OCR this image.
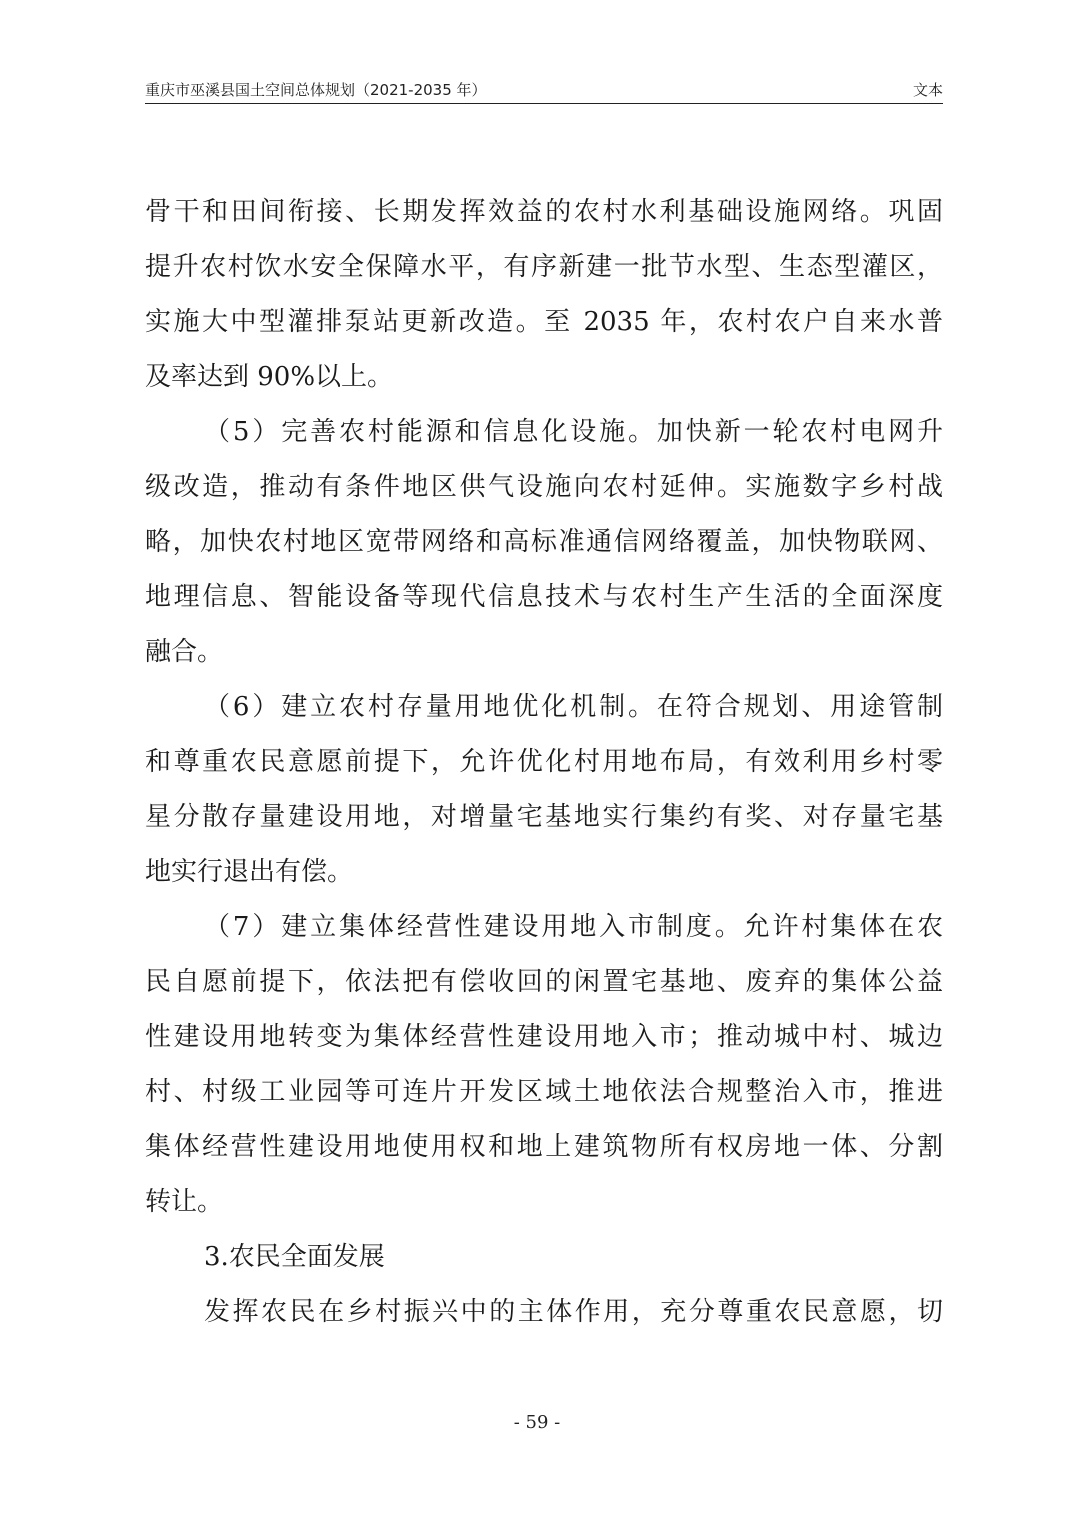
重庆市巫溪县国土空间总体规划（2021-2035 年）	文本
骨干和田间衔接、长期发挥效益的农村水利基础设施网络。巩固
提升农村饮水安全保障水平，有序新建一批节水型、生态型灌区，
实施大中型灌排泵站更新改造。至 2035 年，农村农户自来水普
及率达到 90%以上。
（5）完善农村能源和信息化设施。加快新一轮农村电网升
级改造，推动有条件地区供气设施向农村延伸。实施数字乡村战
略，加快农村地区宽带网络和高标准通信网络覆盖，加快物联网、
地理信息、智能设备等现代信息技术与农村生产生活的全面深度
融合。
（6）建立农村存量用地优化机制。在符合规划、用途管制
和尊重农民意愿前提下，允许优化村用地布局，有效利用乡村零
星分散存量建设用地，对增量宅基地实行集约有奖、对存量宅基
地实行退出有偿。
（7）建立集体经营性建设用地入市制度。允许村集体在农
民自愿前提下，依法把有偿收回的闲置宅基地、废弃的集体公益
性建设用地转变为集体经营性建设用地入市；推动城中村、城边
村、村级工业园等可连片开发区域土地依法合规整治入市，推进
集体经营性建设用地使用权和地上建筑物所有权房地一体、分割
转让。
3.农民全面发展
发挥农民在乡村振兴中的主体作用，充分尊重农民意愿，切
- 59 -
